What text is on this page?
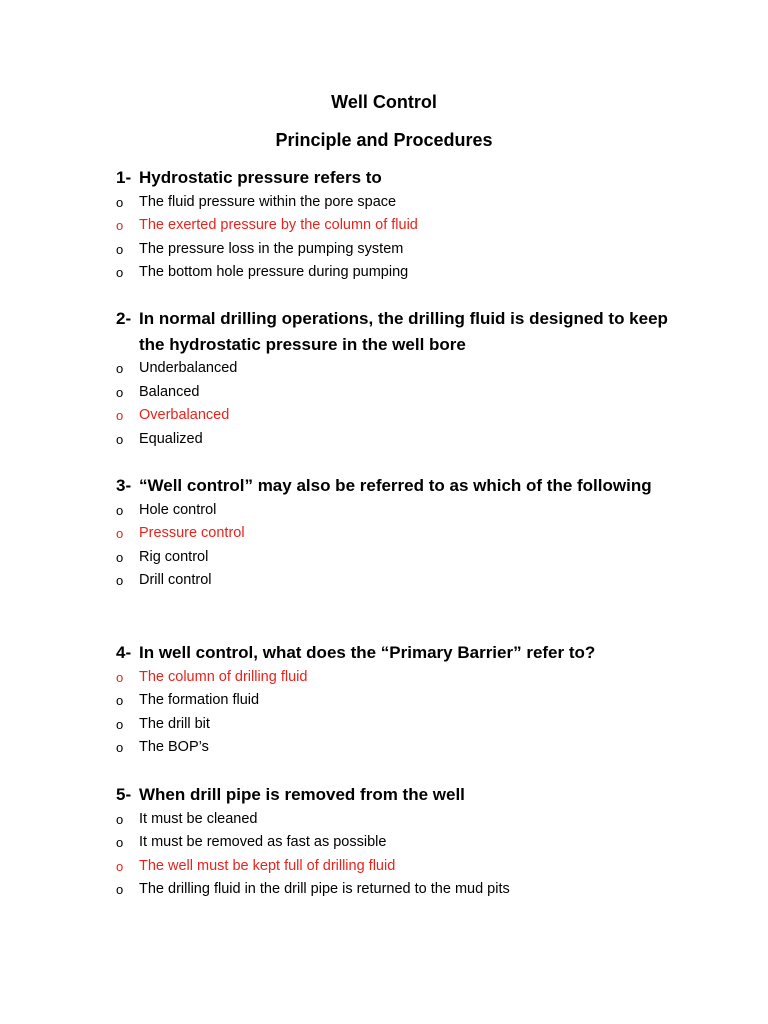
Well Control
Principle and Procedures
1- Hydrostatic pressure refers to
o	The fluid pressure within the pore space
o	The exerted pressure by the column of fluid
o	The pressure loss in the pumping system
o	The bottom hole pressure during pumping
2- In normal drilling operations, the drilling fluid is designed to keep the hydrostatic pressure in the well bore
o	Underbalanced
o	Balanced
o	Overbalanced
o	Equalized
3- “Well control” may also be referred to as which of the following
o	Hole control
o	Pressure control
o	Rig control
o	Drill control
4- In well control, what does the “Primary Barrier” refer to?
o	The column of drilling fluid
o	The formation fluid
o	The drill bit
o	The BOP’s
5- When drill pipe is removed from the well
o	It must be cleaned
o	It must be removed as fast as possible
o	The well must be kept full of drilling fluid
o	The drilling fluid in the drill pipe is returned to the mud pits
